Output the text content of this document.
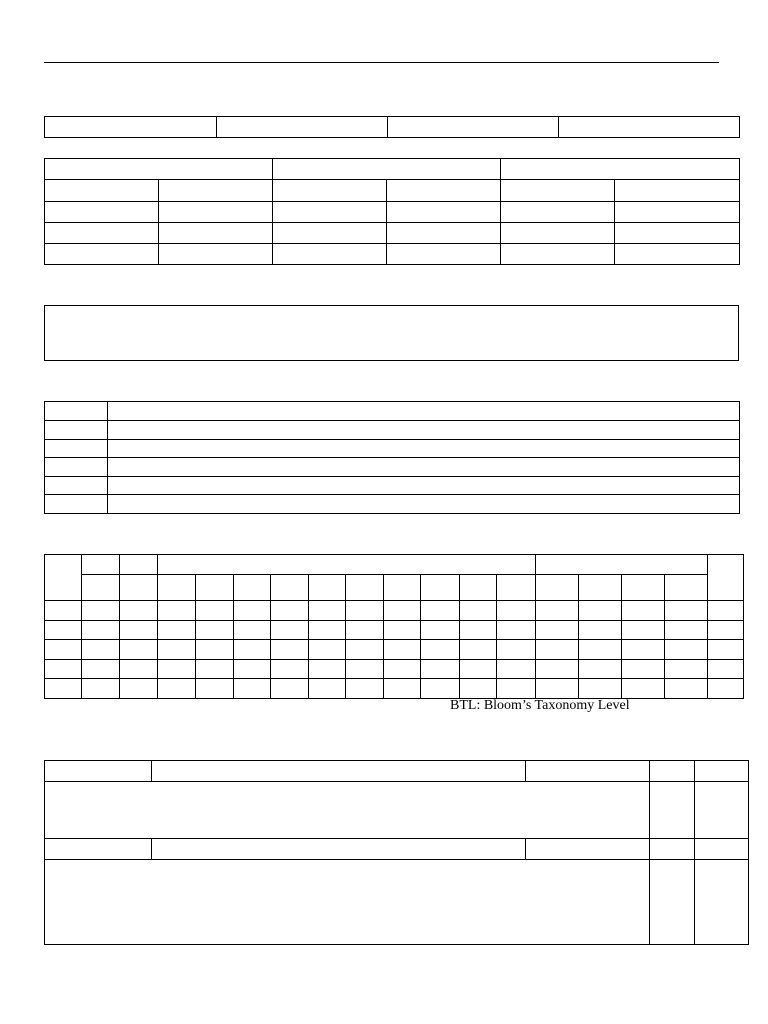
BTL: Bloom’s Taxonomy Level
